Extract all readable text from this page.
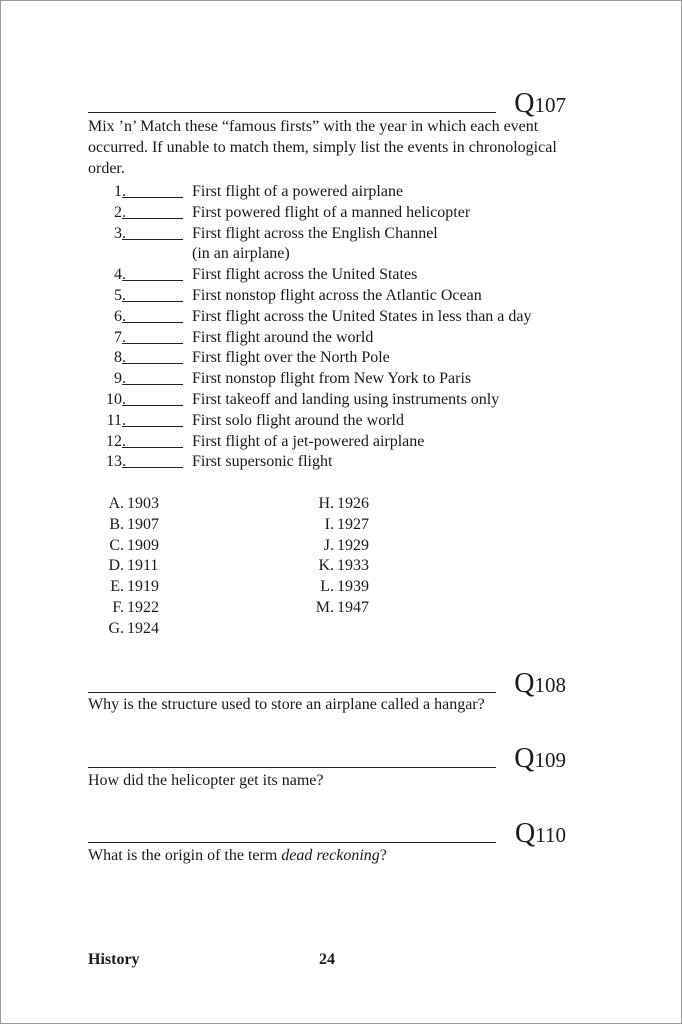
Q107
Mix ’n’ Match these “famous firsts” with the year in which each event occurred. If unable to match them, simply list the events in chronological order.
1.	First flight of a powered airplane
2.	First powered flight of a manned helicopter
3.	First flight across the English Channel
(in an airplane)
4.	First flight across the United States
5.	First nonstop flight across the Atlantic Ocean
6.	First flight across the United States in less than a day
7.	First flight around the world
8.	First flight over the North Pole
9.	First nonstop flight from New York to Paris
10.	First takeoff and landing using instruments only
11.	First solo flight around the world
12.	First flight of a jet-powered airplane
13.	First supersonic flight
A. 1903
B. 1907
C. 1909
D. 1911
E. 1919
F. 1922
G. 1924
H. 1926
I. 1927
J. 1929
K. 1933
L. 1939
M. 1947
Q108
Why is the structure used to store an airplane called a hangar?
Q109
How did the helicopter get its name?
Q110
What is the origin of the term dead reckoning?
History	24
